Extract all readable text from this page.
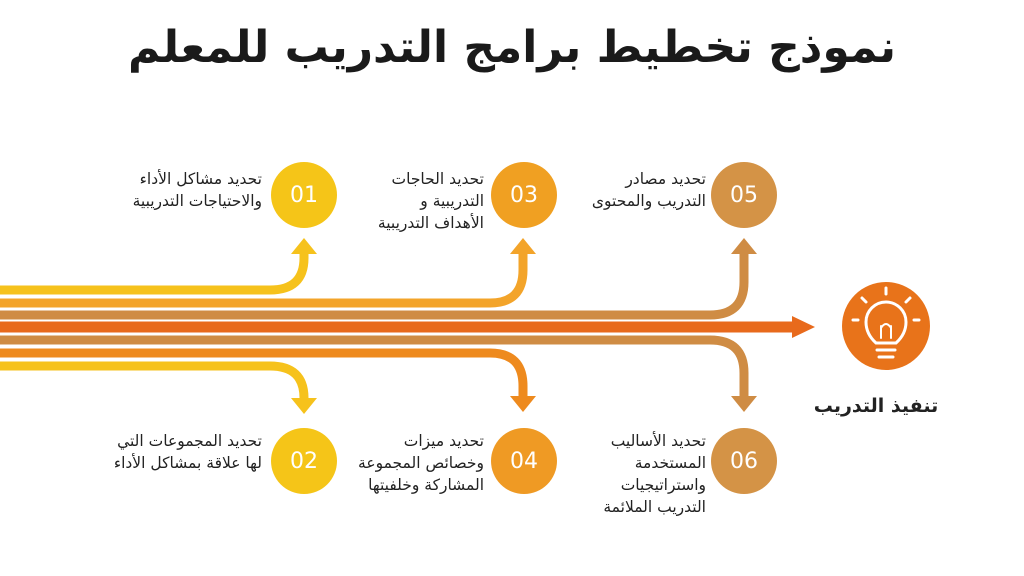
نموذج تخطيط برامج التدريب للمعلم
01
تحديد مشاكل الأداء
والاحتياجات التدريبية	03
تحديد الحاجات
التدريبية و
الأهداف التدريبية
05
تحديد مصادر
التدريب والمحتوى
02
تحديد المجموعات التي
لها علاقة بمشاكل الأداء	04
تحديد ميزات
وخصائص المجموعة
المشاركة وخلفيتها
06
تحديد الأساليب
المستخدمة
واستراتيجيات
التدريب الملائمة
تنفيذ التدريب
